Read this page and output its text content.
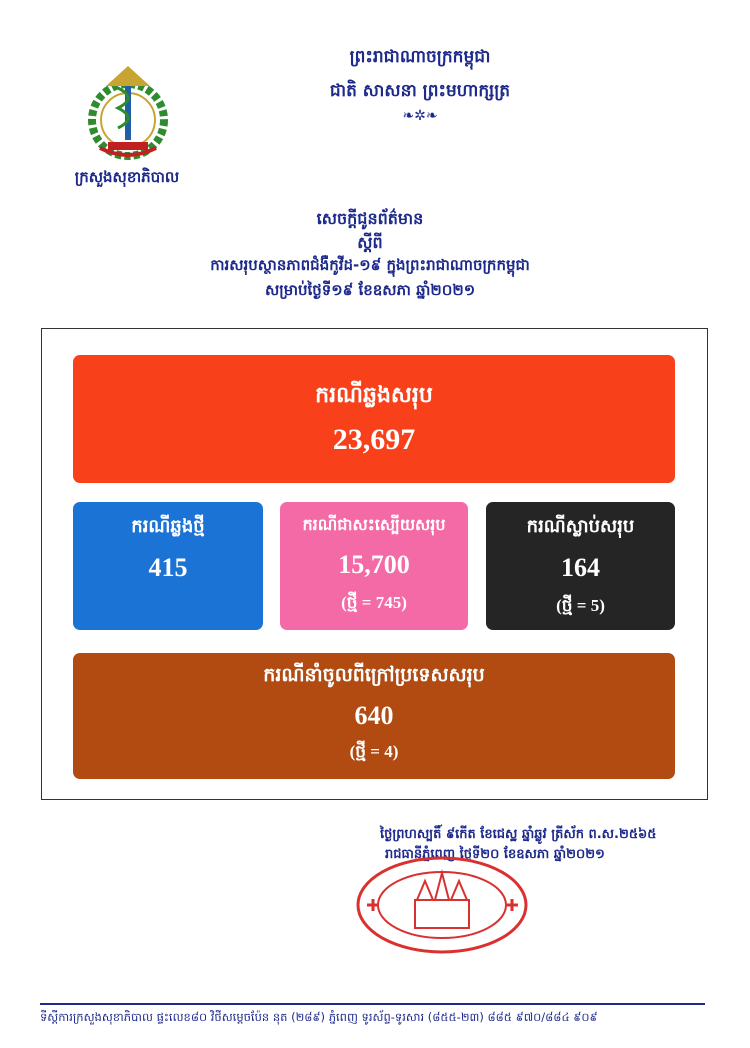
ព្រះរាជាណាចក្រកម្ពុជា
ជាតិ សាសនា ព្រះមហាក្សត្រ
❧✲❧
ក្រសួងសុខាភិបាល
សេចក្ដីជូនព័ត៌មាន
ស្ដីពី
ការសរុបស្ថានភាពជំងឺកូវីដ-១៩ ក្នុងព្រះរាជាណាចក្រកម្ពុជា
សម្រាប់ថ្ងៃទី១៩ ខែឧសភា ឆ្នាំ២០២១
ករណីឆ្លងសរុប
23,697
ករណីឆ្លងថ្មី
415
ករណីជាសះស្បើយសរុប
15,700
(ថ្មី = 745)
ករណីស្លាប់សរុប
164
(ថ្មី = 5)
ករណីនាំចូលពីក្រៅប្រទេសសរុប
640
(ថ្មី = 4)
ថ្ងៃព្រហស្បតិ៍ ៩កើត ខែជេស្ឋ ឆ្នាំឆ្លូវ ត្រីស័ក ព.ស.២៥៦៥
រាជធានីភ្នំពេញ ថ្ងៃទី២០ ខែឧសភា ឆ្នាំ២០២១
ទីស្ដីការក្រសួងសុខាភិបាល ផ្ទះលេខ៨០ វិថីសម្ដេចប៉ែន នុត (២៨៩) ភ្នំពេញ ទូរស័ព្ទ-ទូរសារ (៨៥៥-២៣) ៨៨៥ ៩៧០/៨៨៤ ៩០៩
